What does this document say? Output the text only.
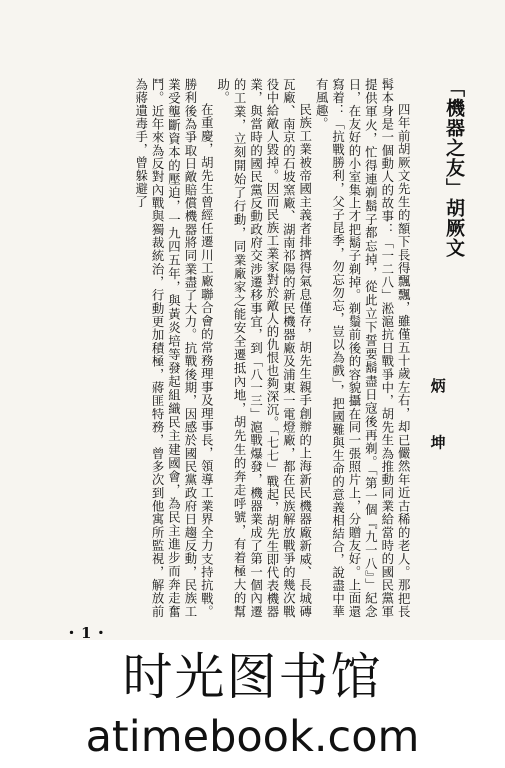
「機器之友」胡厥文
炳 坤

四年前胡厥文先生的額下長得飄飄，雖僅五十歲左右，却已儼然年近古稀的老人。那把長髯本身是一個動人的故事：「一二八」淞滬抗日戰爭中，胡先生為推動同業給當時的國民黨軍提供軍火，忙得連剃鬍子都忘掉，從此立下誓要鬍盡日寇後再剃。「第一個『九一八』」紀念日，在友好的小室集上才把鬍子剃掉。剃鬚前後的容貌攝在同一張照片上，分贈友好。上面還寫着：「抗戰勝利，父子昆季，勿忘勿忘，豈以為戲」，把國難與生命的意義相結合，說盡中華有風趣。

民族工業被帝國主義者排擠得氣息僅存，胡先生親手創辦的上海新民機器廠新威、長城磚瓦廠、南京的石坡窯廠、湖南祁陽的新民機器廠及浦東一電燈廠，都在民族解放戰爭的幾次戰役中給敵人毀掉。因而民族工業家對於敵人的仇恨也夠深沉。「七七」戰起，胡先生即代表機器業，與當時的國民黨反動政府交涉遷移事宜，到「八一三」滬戰爆發，機器業成了第一個內遷的工業，立刻開始了行動，同業廠家之能安全遷抵內地，胡先生的奔走呼號，有着極大的幫助。

在重慶，胡先生曾經任遷川工廠聯合會的常務理事及理事長，領導工業界全力支持抗戰。勝利後為爭取日敵賠償機器將同業盡了大力。抗戰後期，因感於國民黨政府日趨反動，民族工業受壟斷資本的壓迫，一九四五年，與黃炎培等發起組織民主建國會，為民主進步而奔走奮鬥。近年來為反對內戰與獨裁統治，行動更加積極，蔣匪特務，曾多次到他寓所監視，解放前為蔣遺毒手，曾躲避了

・1・
时光图书馆
atimebook.com
